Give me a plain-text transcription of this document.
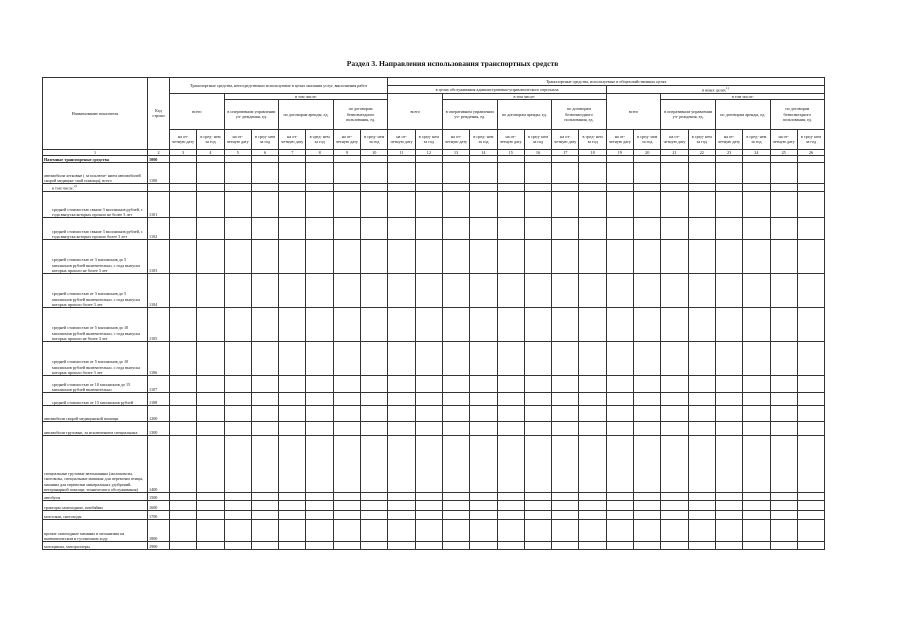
Раздел 3. Направления использования транспортных средств
Наименование показателя	Код строки	Транспортные средства, непосредственно используемые в целях оказания услуг, выполнения работ								Транспортные средства, используемые в общехозяйственных целях															
										в целях обслуживания административно-управленческого персонала								в иных целях$^{1)}$
		всего		в том числе:						всего		в том числе:						всего		в том числе:					
				в оперативном управлении уч- реждения, ед.		по договорам аренды, ед.		по договорам безвозмездного пользования, ед.				в оперативном управлении уч- реждения, ед.		по договорам аренды, ед.		по договорам безвозмездного пользования, ед.				в оперативном управлении уч- реждения, ед.		по договорам аренды, ед.		по договорам безвозмездного пользования, ед.	
		на от- четную дату	в сред- нем за год	на от- четную дату	в сред- нем за год	на от- четную дату	в сред- нем за год	на от- четную дату	в сред- нем за год	на от- четную дату	в сред- нем за год	на от- четную дату	в сред- нем за год	на от- четную дату	в сред- нем за год	на от- четную дату	в сред- нем за год	на от- четную дату	в сред- нем за год	на от- четную дату	в сред- нем за год	на от- четную дату	в сред- нем за год	на от- четную дату	в сред- нем за год
1	2	3	4	5	6	7	8	9	10	11	12	13	14	15	16	17	18	19	20	21	22	23	24	25	26
Наземные транспортные средства	1000																								
автомобили легковые ( за исключе- нием автомобилей скорой медицин- ской помощи), всего	1100																								
в том числе:$^{2)}$																									
средней стоимостью свыше 3 миллионов рублей, с года выпуска которых прошло не более 3 лет	1101																								
средней стоимостью свыше 3 миллионов рублей, с года выпуска которых прошло более 3 лет	1102																								
средней стоимостью от 3 миллионов до 5 миллионов рублей включительно, с года выпуска которых прошло не более 3 лет	1103																								
средней стоимостью от 3 миллионов до 5 миллионов рублей включительно, с года выпуска которых прошло более 3 лет	1104																								
средней стоимостью от 5 миллионов до 10 миллионов рублей включительно, с года выпуска которых прошло не более 3 лет	1105																								
средней стоимостью от 5 миллионов до 10 миллионов рублей включительно, с года выпуска которых прошло более 3 лет	1106																								
средней стоимостью от 10 миллионов до 15 миллионов рублей включительно	1107																								
средней стоимостью от 15 миллионов рублей	1108																								
автомобили скорой медицинской помощи	1200																								
автомобили грузовые, за исключением специальных	1300																								
специальные грузовые автомашины (молоковозы, скотовозы, специальные машины для перевозки птицы, машины для перевозки минеральных удобрений, ветеринарной помощи, технического обслуживания)	1400																								
автобусы	1500																								
тракторы самоходные, комбайны	1600																								
мотосани, снегоходы	1700																								
прочие самоходные машины и механизмы на пневматическом и гусеничном ходу	1800																								
мотоциклы, мотороллеры	1900																								
